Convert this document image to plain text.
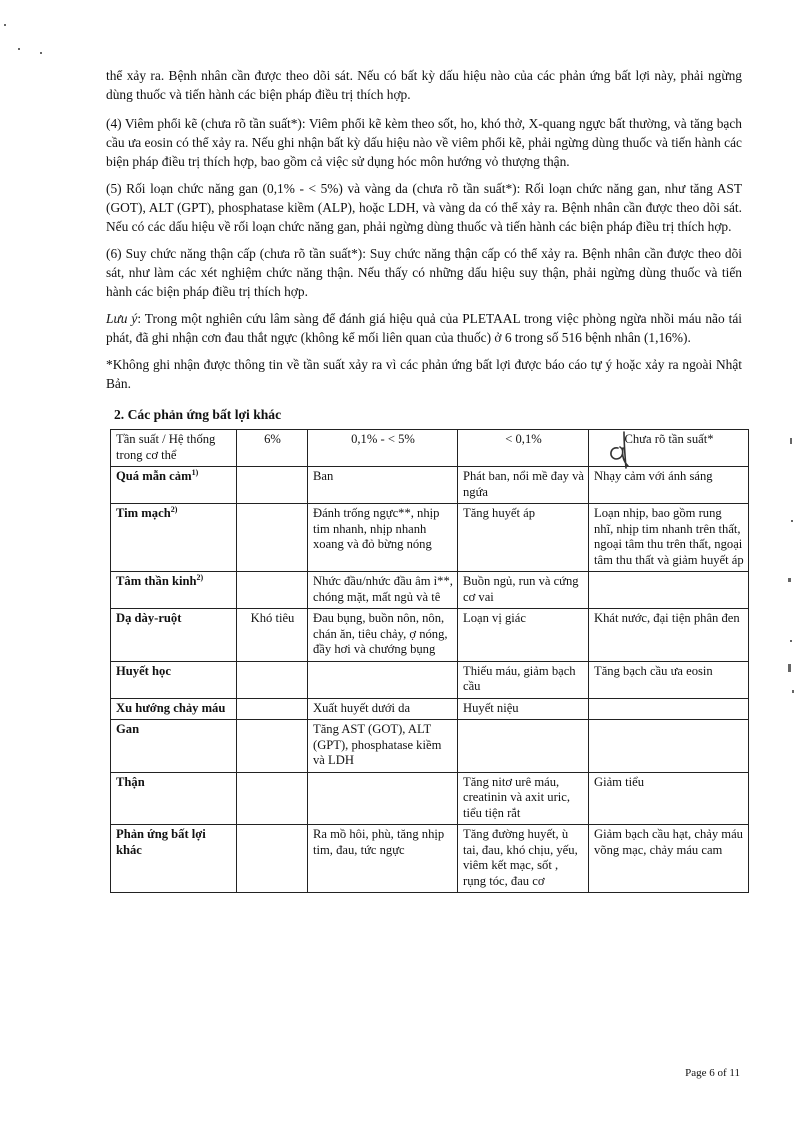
thể xảy ra. Bệnh nhân cần được theo dõi sát. Nếu có bất kỳ dấu hiệu nào của các phản ứng bất lợi này, phải ngừng dùng thuốc và tiến hành các biện pháp điều trị thích hợp.

(4) Viêm phổi kẽ (chưa rõ tần suất*): Viêm phổi kẽ kèm theo sốt, ho, khó thở, X-quang ngực bất thường, và tăng bạch cầu ưa eosin có thể xảy ra. Nếu ghi nhận bất kỳ dấu hiệu nào về viêm phổi kẽ, phải ngừng dùng thuốc và tiến hành các biện pháp điều trị thích hợp, bao gồm cả việc sử dụng hóc môn hướng vỏ thượng thận.

(5) Rối loạn chức năng gan (0,1% - < 5%) và vàng da (chưa rõ tần suất*): Rối loạn chức năng gan, như tăng AST (GOT), ALT (GPT), phosphatase kiềm (ALP), hoặc LDH, và vàng da có thể xảy ra. Bệnh nhân cần được theo dõi sát. Nếu có các dấu hiệu về rối loạn chức năng gan, phải ngừng dùng thuốc và tiến hành các biện pháp điều trị thích hợp.

(6) Suy chức năng thận cấp (chưa rõ tần suất*): Suy chức năng thận cấp có thể xảy ra. Bệnh nhân cần được theo dõi sát, như làm các xét nghiệm chức năng thận. Nếu thấy có những dấu hiệu suy thận, phải ngừng dùng thuốc và tiến hành các biện pháp điều trị thích hợp.

Lưu ý: Trong một nghiên cứu lâm sàng để đánh giá hiệu quả của PLETAAL trong việc phòng ngừa nhồi máu não tái phát, đã ghi nhận cơn đau thắt ngực (không kể mối liên quan của thuốc) ở 6 trong số 516 bệnh nhân (1,16%).

*Không ghi nhận được thông tin về tần suất xảy ra vì các phản ứng bất lợi được báo cáo tự ý hoặc xảy ra ngoài Nhật Bản.

2. Các phản ứng bất lợi khác
Tần suất / Hệ thống trong cơ thể	6%	0,1% - < 5%	< 0,1%	Chưa rõ tần suất*
Quá mẫn cảm$^{1)}$		Ban	Phát ban, nổi mề đay và ngứa	Nhạy cảm với ánh sáng
Tim mạch$^{2)}$		Đánh trống ngực**, nhịp tim nhanh, nhịp nhanh xoang và đỏ bừng nóng	Tăng huyết áp	Loạn nhịp, bao gồm rung nhĩ, nhịp tim nhanh trên thất, ngoại tâm thu trên thất, ngoại tâm thu thất và giảm huyết áp
Tâm thần kinh$^{2)}$		Nhức đầu/nhức đầu âm ỉ**, chóng mặt, mất ngủ và tê	Buồn ngủ, run và cứng cơ vai	
Dạ dày-ruột	Khó tiêu	Đau bụng, buồn nôn, nôn, chán ăn, tiêu chảy, ợ nóng, đầy hơi và chướng bụng	Loạn vị giác	Khát nước, đại tiện phân đen
Huyết học			Thiếu máu, giảm bạch cầu	Tăng bạch cầu ưa eosin
Xu hướng chảy máu		Xuất huyết dưới da	Huyết niệu	
Gan		Tăng AST (GOT), ALT (GPT), phosphatase kiềm và LDH		
Thận			Tăng nitơ urê máu, creatinin và axit uric, tiểu tiện rắt	Giảm tiểu
Phản ứng bất lợi khác		Ra mồ hôi, phù, tăng nhịp tim, đau, tức ngực	Tăng đường huyết, ù tai, đau, khó chịu, yếu, viêm kết mạc, sốt , rụng tóc, đau cơ	Giảm bạch cầu hạt, chảy máu võng mạc, chảy máu cam
Page 6 of 11
